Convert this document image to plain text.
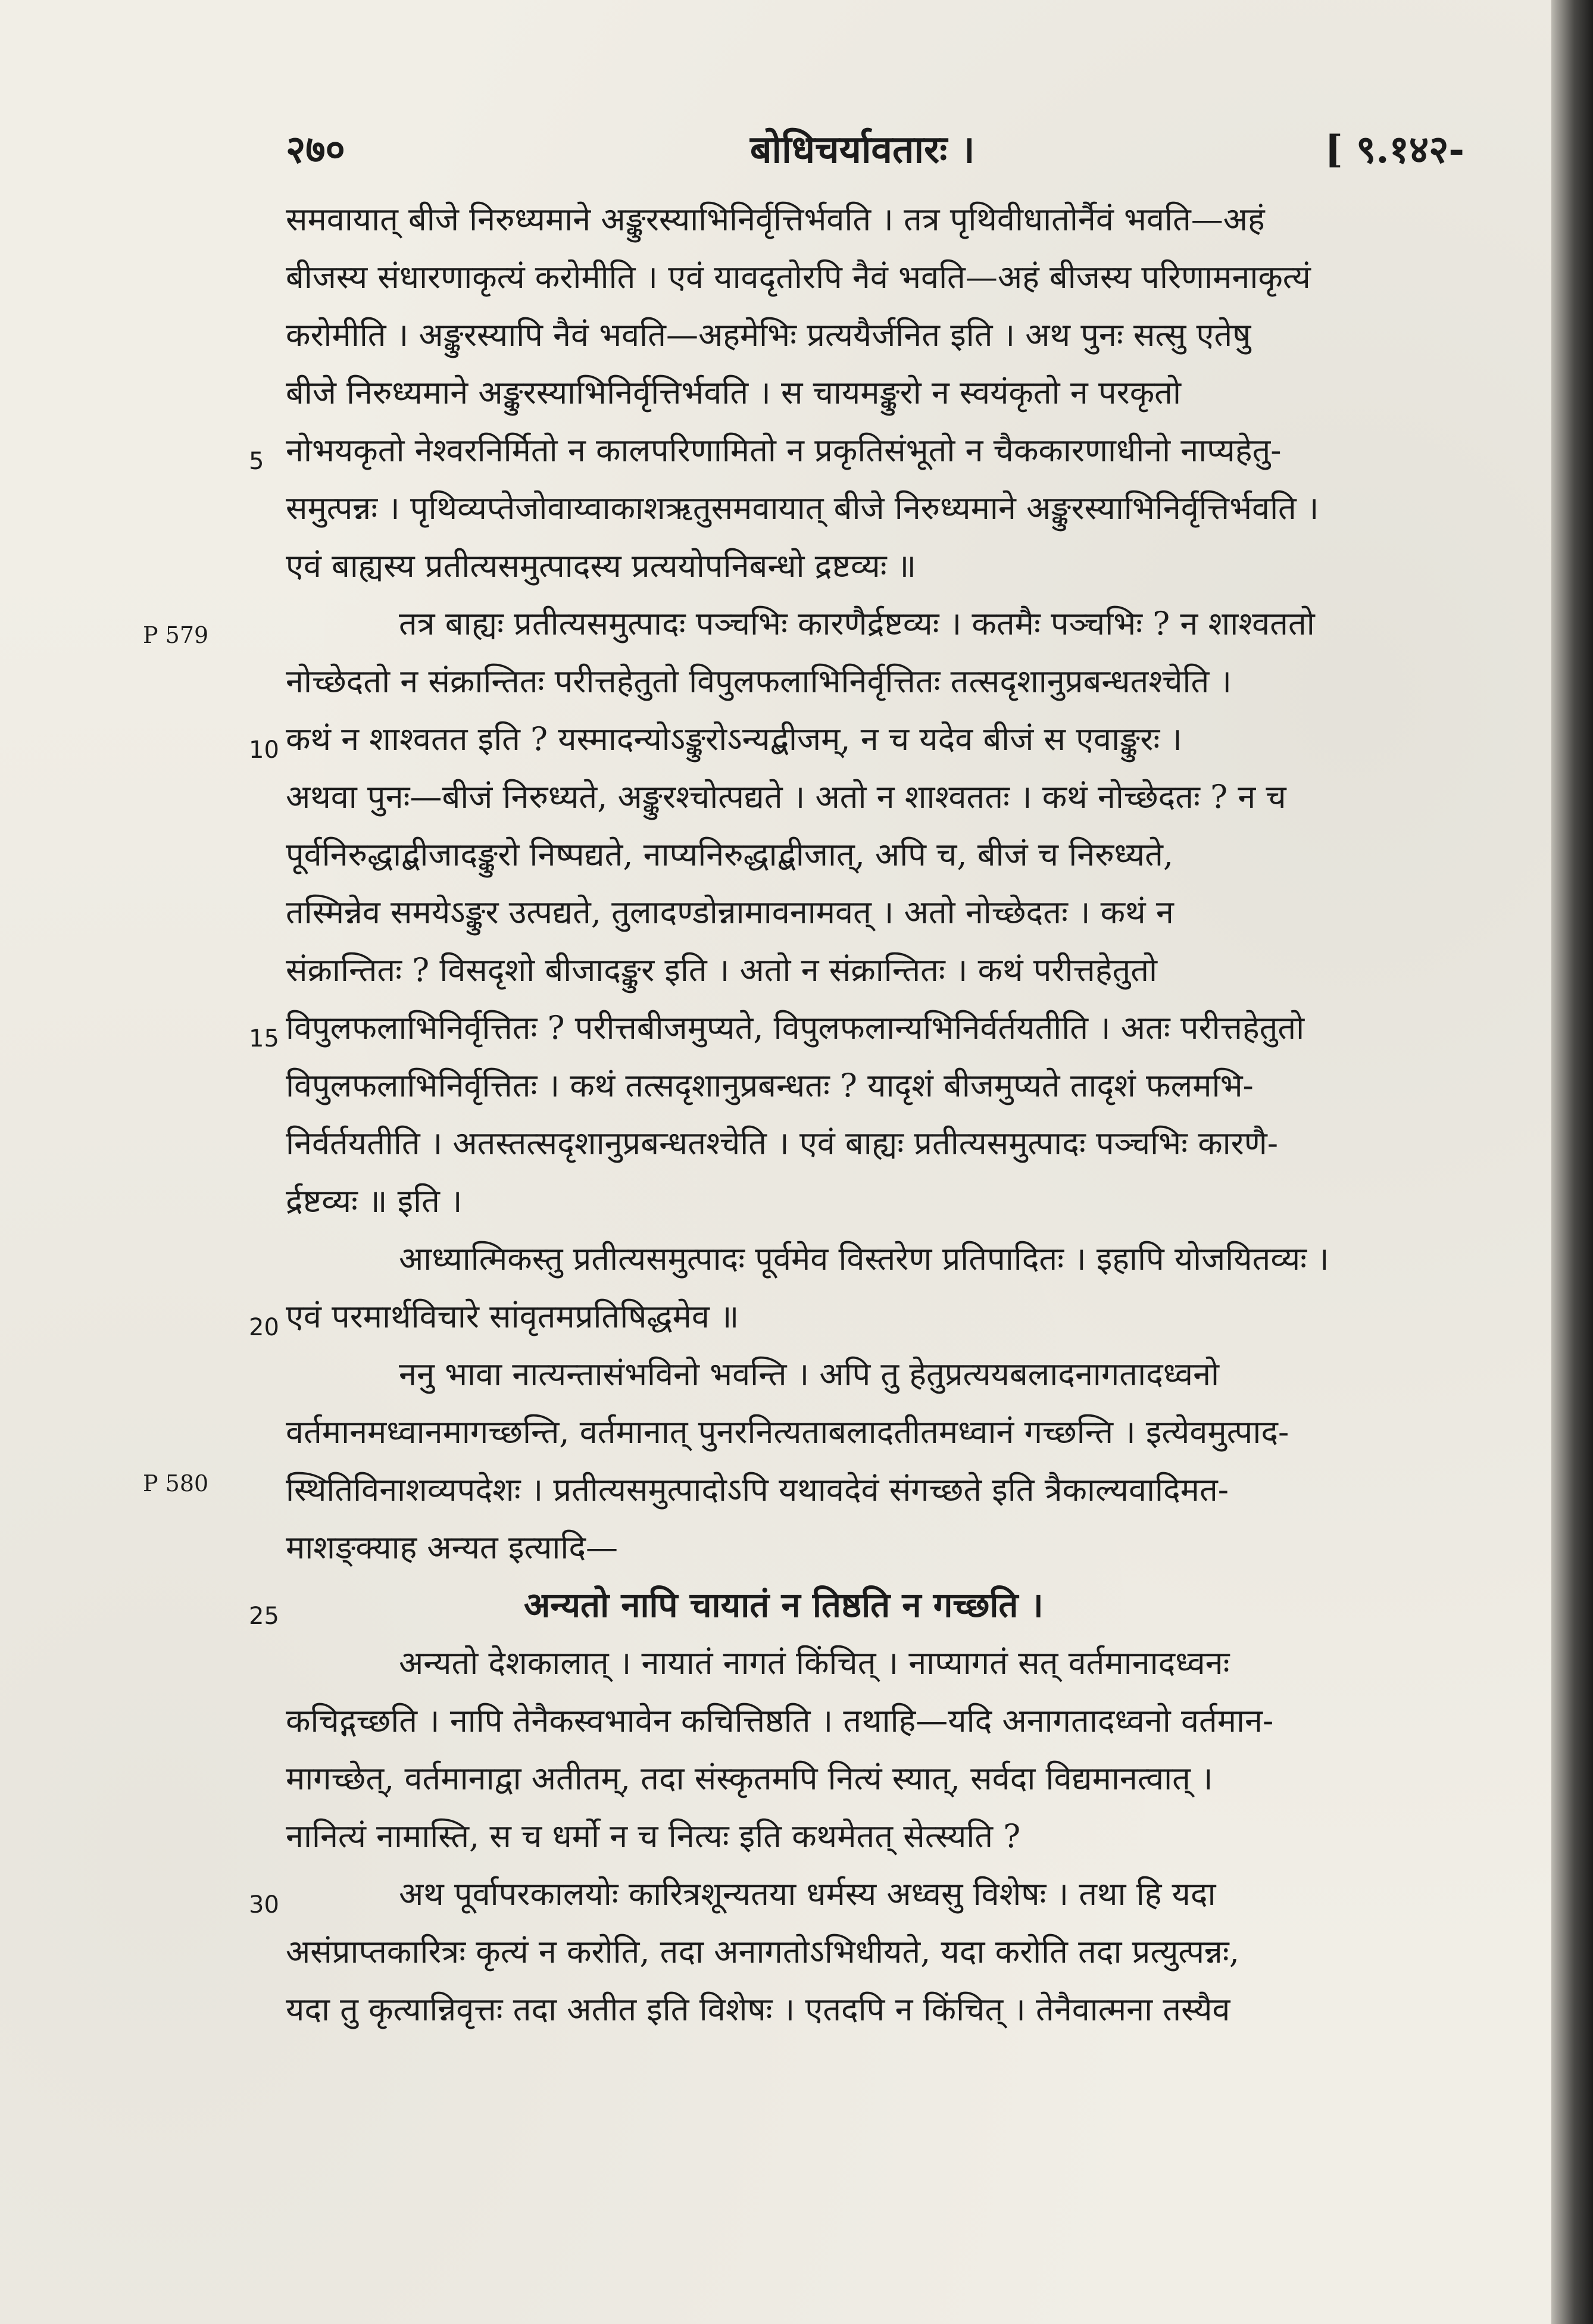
२७०	बोधिचर्यावतारः ।	[ ९.१४२-
P 579
P 580
5
10
15
20
25
30
समवायात् बीजे निरुध्यमाने अङ्कुरस्याभिनिर्वृत्तिर्भवति । तत्र पृथिवीधातोर्नैवं भवति—अहं
बीजस्य संधारणाकृत्यं करोमीति । एवं यावदृतोरपि नैवं भवति—अहं बीजस्य परिणामनाकृत्यं
करोमीति । अङ्कुरस्यापि नैवं भवति—अहमेभिः प्रत्ययैर्जनित इति । अथ पुनः सत्सु एतेषु
बीजे निरुध्यमाने अङ्कुरस्याभिनिर्वृत्तिर्भवति । स चायमङ्कुरो न स्वयंकृतो न परकृतो
नोभयकृतो नेश्वरनिर्मितो न कालपरिणामितो न प्रकृतिसंभूतो न चैककारणाधीनो नाप्यहेतु-
समुत्पन्नः । पृथिव्यप्तेजोवाय्वाकाशऋतुसमवायात् बीजे निरुध्यमाने अङ्कुरस्याभिनिर्वृत्तिर्भवति ।
एवं बाह्यस्य प्रतीत्यसमुत्पादस्य प्रत्ययोपनिबन्धो द्रष्टव्यः ॥
तत्र बाह्यः प्रतीत्यसमुत्पादः पञ्चभिः कारणैर्द्रष्टव्यः । कतमैः पञ्चभिः ? न शाश्वततो
नोच्छेदतो न संक्रान्तितः परीत्तहेतुतो विपुलफलाभिनिर्वृत्तितः तत्सदृशानुप्रबन्धतश्चेति ।
कथं न शाश्वतत इति ? यस्मादन्योऽङ्कुरोऽन्यद्बीजम्, न च यदेव बीजं स एवाङ्कुरः ।
अथवा पुनः—बीजं निरुध्यते, अङ्कुरश्चोत्पद्यते । अतो न शाश्वततः । कथं नोच्छेदतः ? न च
पूर्वनिरुद्धाद्बीजादङ्कुरो निष्पद्यते, नाप्यनिरुद्धाद्बीजात्, अपि च, बीजं च निरुध्यते,
तस्मिन्नेव समयेऽङ्कुर उत्पद्यते, तुलादण्डोन्नामावनामवत् । अतो नोच्छेदतः । कथं न
संक्रान्तितः ? विसदृशो बीजादङ्कुर इति । अतो न संक्रान्तितः । कथं परीत्तहेतुतो
विपुलफलाभिनिर्वृत्तितः ? परीत्तबीजमुप्यते, विपुलफलान्यभिनिर्वर्तयतीति । अतः परीत्तहेतुतो
विपुलफलाभिनिर्वृत्तितः । कथं तत्सदृशानुप्रबन्धतः ? यादृशं बीजमुप्यते तादृशं फलमभि-
निर्वर्तयतीति । अतस्तत्सदृशानुप्रबन्धतश्चेति । एवं बाह्यः प्रतीत्यसमुत्पादः पञ्चभिः कारणै-
र्द्रष्टव्यः ॥ इति ।
आध्यात्मिकस्तु प्रतीत्यसमुत्पादः पूर्वमेव विस्तरेण प्रतिपादितः । इहापि योजयितव्यः ।
एवं परमार्थविचारे सांवृतमप्रतिषिद्धमेव ॥
ननु भावा नात्यन्तासंभविनो भवन्ति । अपि तु हेतुप्रत्ययबलादनागतादध्वनो
वर्तमानमध्वानमागच्छन्ति, वर्तमानात् पुनरनित्यताबलादतीतमध्वानं गच्छन्ति । इत्येवमुत्पाद-
स्थितिविनाशव्यपदेशः । प्रतीत्यसमुत्पादोऽपि यथावदेवं संगच्छते इति त्रैकाल्यवादिमत-
माशङ्क्याह अन्यत इत्यादि—
अन्यतो नापि चायातं न तिष्ठति न गच्छति ।
अन्यतो देशकालात् । नायातं नागतं किंचित् । नाप्यागतं सत् वर्तमानादध्वनः
कचिद्गच्छति । नापि तेनैकस्वभावेन कचित्तिष्ठति । तथाहि—यदि अनागतादध्वनो वर्तमान-
मागच्छेत्, वर्तमानाद्वा अतीतम्, तदा संस्कृतमपि नित्यं स्यात्, सर्वदा विद्यमानत्वात् ।
नानित्यं नामास्ति, स च धर्मो न च नित्यः इति कथमेतत् सेत्स्यति ?
अथ पूर्वापरकालयोः कारित्रशून्यतया धर्मस्य अध्वसु विशेषः । तथा हि यदा
असंप्राप्तकारित्रः कृत्यं न करोति, तदा अनागतोऽभिधीयते, यदा करोति तदा प्रत्युत्पन्नः,
यदा तु कृत्यान्निवृत्तः तदा अतीत इति विशेषः । एतदपि न किंचित् । तेनैवात्मना तस्यैव
